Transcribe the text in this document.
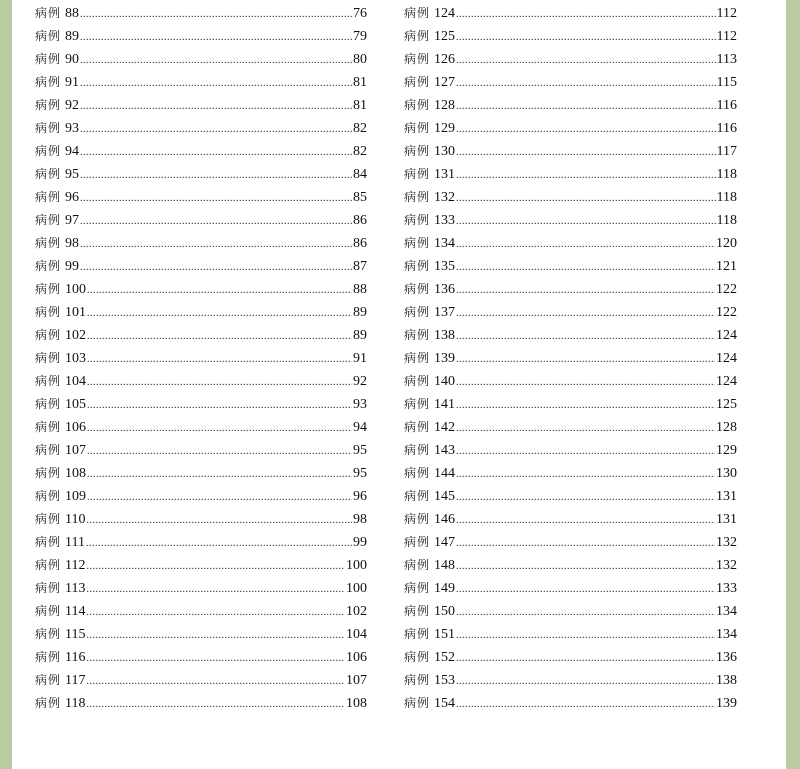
病例 88 .....	76
病例 89 .....	79
病例 90 .....	80
病例 91 .....	81
病例 92 .....	81
病例 93 .....	82
病例 94 .....	82
病例 95 .....	84
病例 96 .....	85
病例 97 .....	86
病例 98 .....	86
病例 99 .....	87
病例 100 .....	88
病例 101 .....	89
病例 102 .....	89
病例 103 .....	91
病例 104 .....	92
病例 105 .....	93
病例 106 .....	94
病例 107 .....	95
病例 108 .....	95
病例 109 .....	96
病例 110 .....	98
病例 111 .....	99
病例 112 .....	100
病例 113 .....	100
病例 114 .....	102
病例 115 .....	104
病例 116 .....	106
病例 117 .....	107
病例 118 .....	108
病例 124 .....	112
病例 125 .....	112
病例 126 .....	113
病例 127 .....	115
病例 128 .....	116
病例 129 .....	116
病例 130 .....	117
病例 131 .....	118
病例 132 .....	118
病例 133 .....	118
病例 134 .....	120
病例 135 .....	121
病例 136 .....	122
病例 137 .....	122
病例 138 .....	124
病例 139 .....	124
病例 140 .....	124
病例 141 .....	125
病例 142 .....	128
病例 143 .....	129
病例 144 .....	130
病例 145 .....	131
病例 146 .....	131
病例 147 .....	132
病例 148 .....	132
病例 149 .....	133
病例 150 .....	134
病例 151 .....	134
病例 152 .....	136
病例 153 .....	138
病例 154 .....	139
